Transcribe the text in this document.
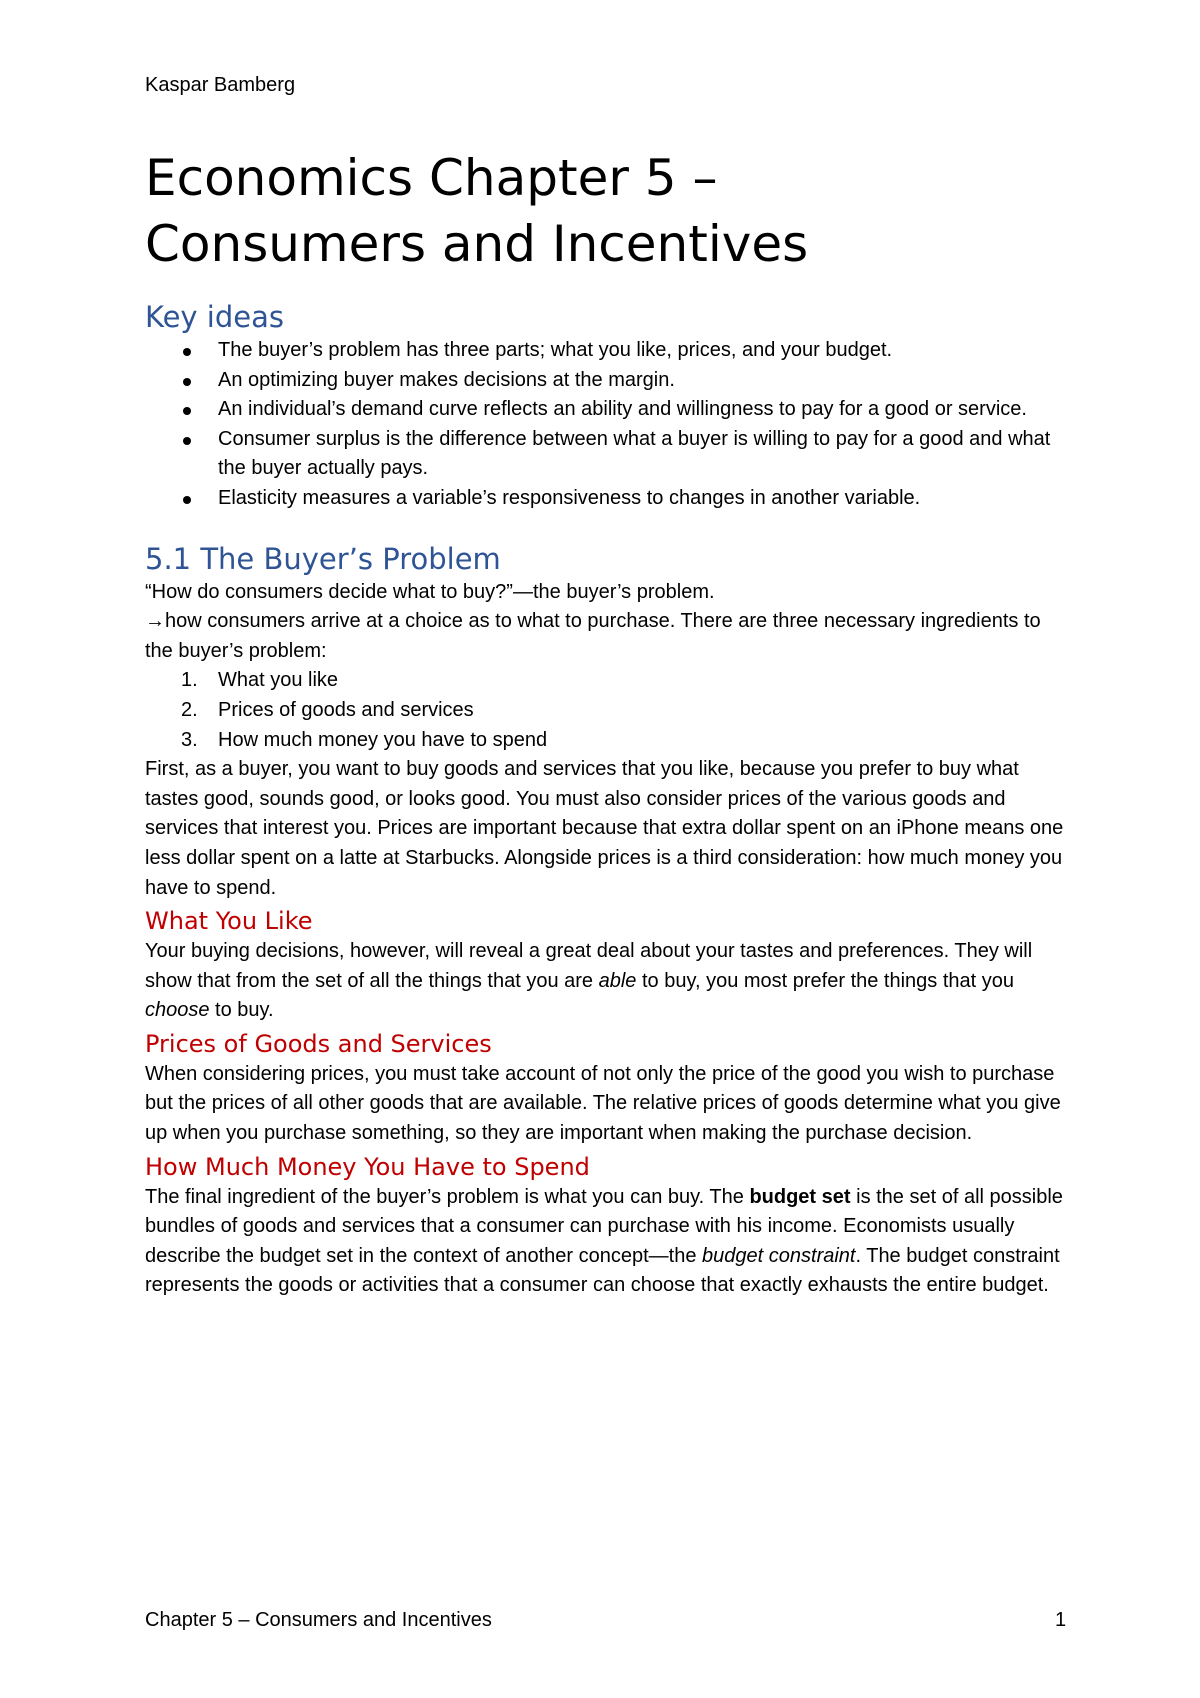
Kaspar Bamberg
Economics Chapter 5 –
Consumers and Incentives
Key ideas
The buyer’s problem has three parts; what you like, prices, and your budget.
An optimizing buyer makes decisions at the margin.
An individual’s demand curve reflects an ability and willingness to pay for a good or service.
Consumer surplus is the difference between what a buyer is willing to pay for a good and what the buyer actually pays.
Elasticity measures a variable’s responsiveness to changes in another variable.
5.1 The Buyer’s Problem

“How do consumers decide what to buy?”—the buyer’s problem.

→how consumers arrive at a choice as to what to purchase. There are three necessary ingredients to the buyer’s problem:

1. What you like
2. Prices of goods and services
3. How much money you have to spend

First, as a buyer, you want to buy goods and services that you like, because you prefer to buy what tastes good, sounds good, or looks good. You must also consider prices of the various goods and services that interest you. Prices are important because that extra dollar spent on an iPhone means one less dollar spent on a latte at Starbucks. Alongside prices is a third consideration: how much money you have to spend.

What You Like

Your buying decisions, however, will reveal a great deal about your tastes and preferences. They will show that from the set of all the things that you are able to buy, you most prefer the things that you choose to buy.

Prices of Goods and Services

When considering prices, you must take account of not only the price of the good you wish to purchase but the prices of all other goods that are available. The relative prices of goods determine what you give up when you purchase something, so they are important when making the purchase decision.

How Much Money You Have to Spend

The final ingredient of the buyer’s problem is what you can buy. The budget set is the set of all possible bundles of goods and services that a consumer can purchase with his income. Economists usually describe the budget set in the context of another concept—the budget constraint. The budget constraint represents the goods or activities that a consumer can choose that exactly exhausts the entire budget.

Chapter 5 – Consumers and Incentives	1
